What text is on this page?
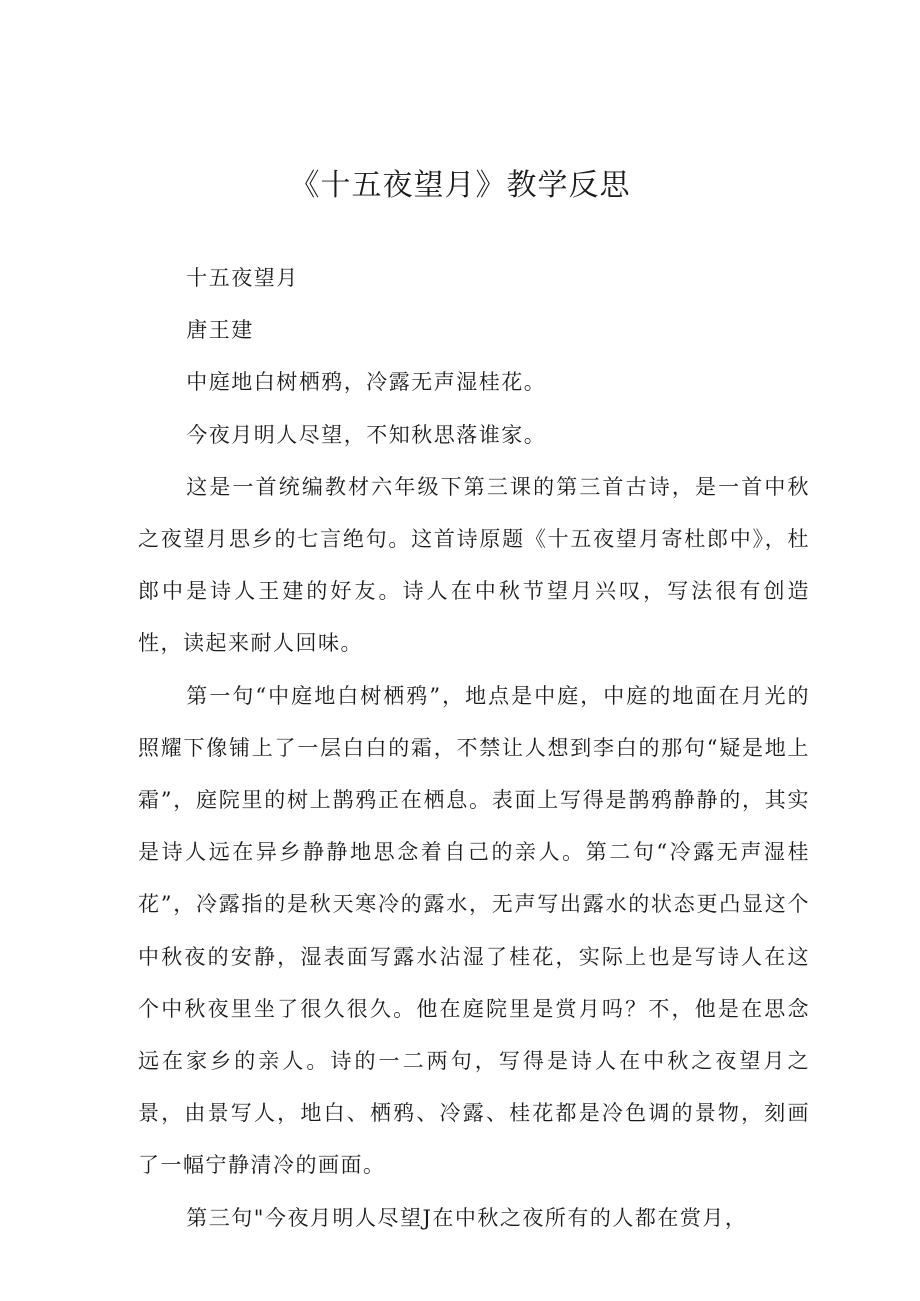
《十五夜望月》教学反思

十五夜望月

唐王建

中庭地白树栖鸦，冷露无声湿桂花。

今夜月明人尽望，不知秋思落谁家。

这是一首统编教材六年级下第三课的第三首古诗，是一首中秋之夜望月思乡的七言绝句。这首诗原题《十五夜望月寄杜郎中》，杜郎中是诗人王建的好友。诗人在中秋节望月兴叹，写法很有创造性，读起来耐人回味。

第一句“中庭地白树栖鸦”，地点是中庭，中庭的地面在月光的照耀下像铺上了一层白白的霜，不禁让人想到李白的那句“疑是地上霜”，庭院里的树上鹊鸦正在栖息。表面上写得是鹊鸦静静的，其实是诗人远在异乡静静地思念着自己的亲人。第二句“冷露无声湿桂花”，冷露指的是秋天寒冷的露水，无声写出露水的状态更凸显这个中秋夜的安静，湿表面写露水沾湿了桂花，实际上也是写诗人在这个中秋夜里坐了很久很久。他在庭院里是赏月吗？不，他是在思念远在家乡的亲人。诗的一二两句，写得是诗人在中秋之夜望月之景，由景写人，地白、栖鸦、冷露、桂花都是冷色调的景物，刻画了一幅宁静清冷的画面。

第三句"今夜月明人尽望J在中秋之夜所有的人都在赏月，
